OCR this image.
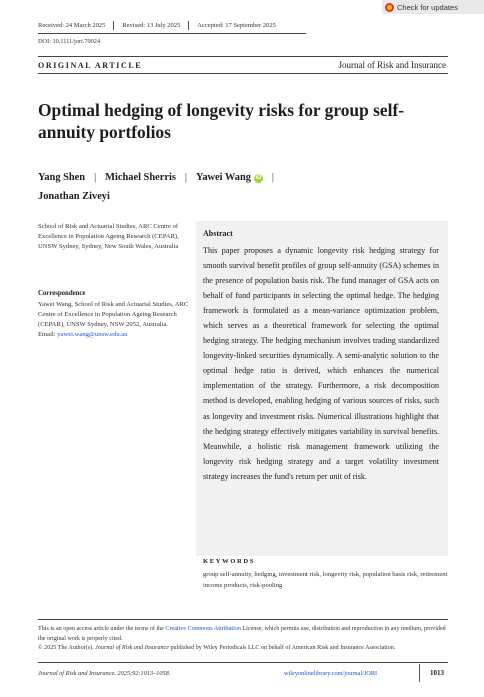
Check for updates
Received: 24 March 2025	Revised: 13 July 2025	Accepted: 17 September 2025
DOI: 10.1111/jori.70024
ORIGINAL ARTICLE	Journal of Risk and Insurance
Optimal hedging of longevity risks for group self-annuity portfolios
Yang Shen | Michael Sherris | Yawei Wang iD |
Jonathan Ziveyi
School of Risk and Actuarial Studies, ARC Centre of Excellence in Population Ageing Research (CEPAR), UNSW Sydney, Sydney, New South Wales, Australia
Correspondence
Yawei Wang, School of Risk and Actuarial Studies, ARC Centre of Excellence in Population Ageing Research (CEPAR), UNSW Sydney, NSW 2052, Australia.
Email: yawei.wang@unsw.edu.au
Abstract
This paper proposes a dynamic longevity risk hedging strategy for smooth survival benefit profiles of group self-annuity (GSA) schemes in the presence of population basis risk. The fund manager of GSA acts on behalf of fund participants in selecting the optimal hedge. The hedging framework is formulated as a mean-variance optimization problem, which serves as a theoretical framework for selecting the optimal hedging strategy. The hedging mechanism involves trading standardized longevity-linked securities dynamically. A semi-analytic solution to the optimal hedge ratio is derived, which enhances the numerical implementation of the strategy. Furthermore, a risk decomposition method is developed, enabling hedging of various sources of risks, such as longevity and investment risks. Numerical illustrations highlight that the hedging strategy effectively mitigates variability in survival benefits. Meanwhile, a holistic risk management framework utilizing the longevity risk hedging strategy and a target volatility investment strategy increases the fund's return per unit of risk.
KEYWORDS
group self-annuity, hedging, investment risk, longevity risk, population basis risk, retirement income products, risk-pooling
This is an open access article under the terms of the Creative Commons Attribution License, which permits use, distribution and reproduction in any medium, provided the original work is properly cited.
© 2025 The Author(s). Journal of Risk and Insurance published by Wiley Periodicals LLC on behalf of American Risk and Insurance Association.
Journal of Risk and Insurance. 2025;92:1013–1058.	wileyonlinelibrary.com/journal/JORI	1013
